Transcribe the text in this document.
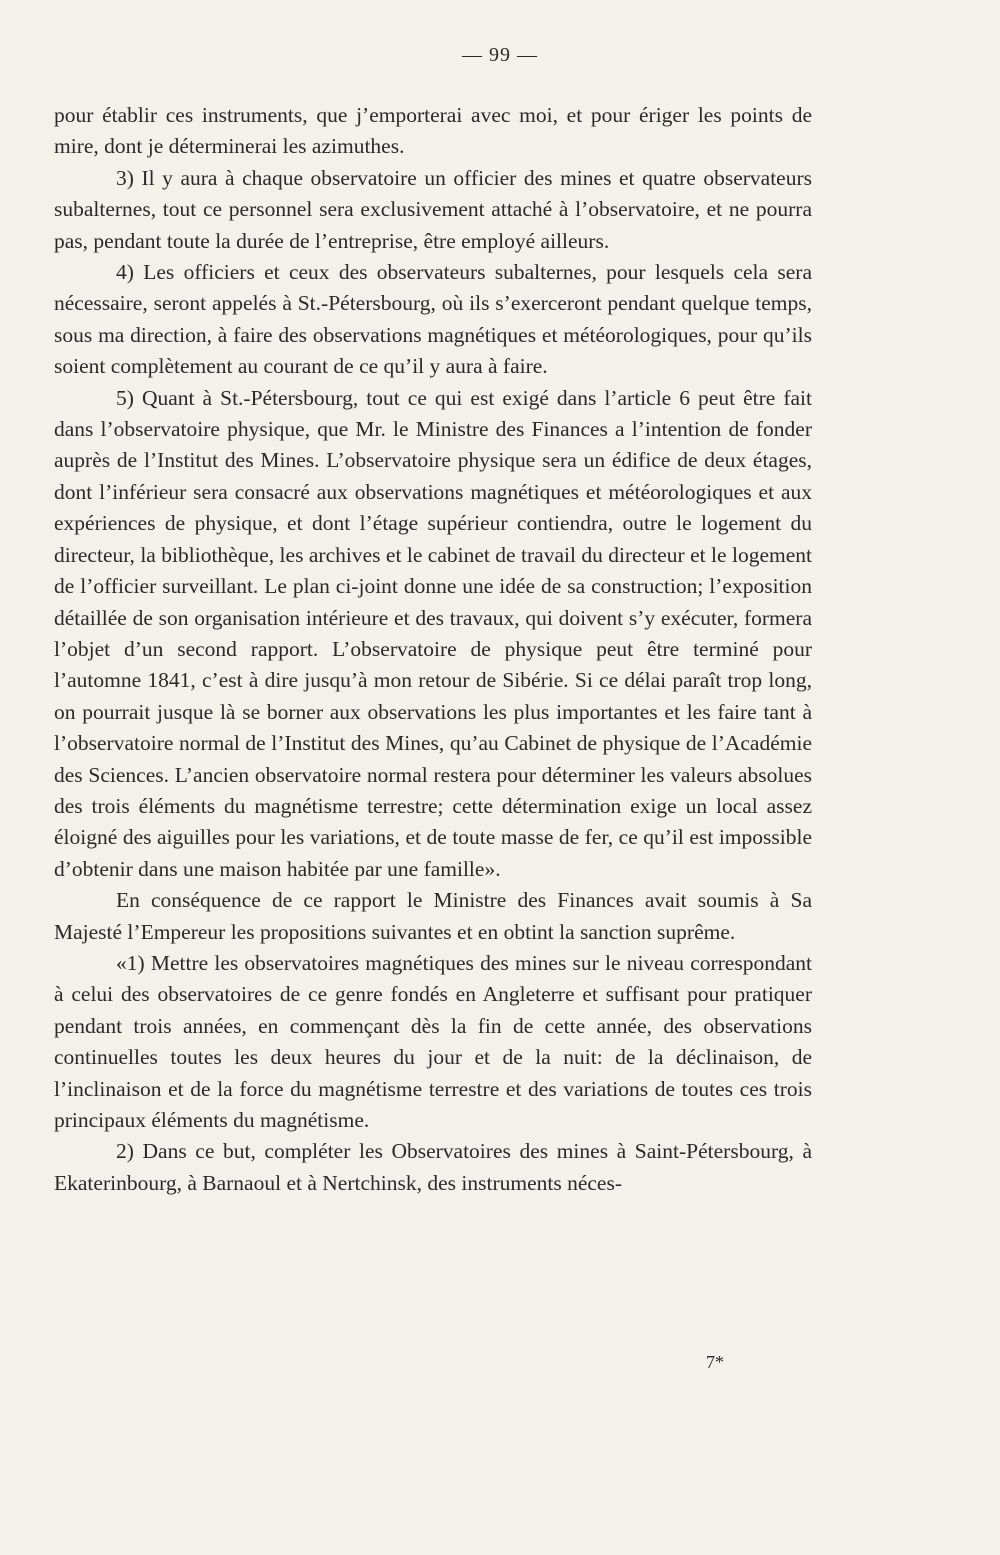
— 99 —

pour établir ces instruments, que j’emporterai avec moi, et pour ériger les points de mire, dont je déterminerai les azimuthes.

3) Il y aura à chaque observatoire un officier des mines et quatre observateurs subalternes, tout ce personnel sera exclusivement attaché à l’observatoire, et ne pourra pas, pendant toute la durée de l’entreprise, être employé ailleurs.

4) Les officiers et ceux des observateurs subalternes, pour lesquels cela sera nécessaire, seront appelés à St.-Pétersbourg, où ils s’exerceront pendant quelque temps, sous ma direction, à faire des observations magnétiques et météorologiques, pour qu’ils soient complètement au courant de ce qu’il y aura à faire.

5) Quant à St.-Pétersbourg, tout ce qui est exigé dans l’article 6 peut être fait dans l’observatoire physique, que Mr. le Ministre des Finances a l’intention de fonder auprès de l’Institut des Mines. L’observatoire physique sera un édifice de deux étages, dont l’inférieur sera consacré aux observations magnétiques et météorologiques et aux expériences de physique, et dont l’étage supérieur contiendra, outre le logement du directeur, la bibliothèque, les archives et le cabinet de travail du directeur et le logement de l’officier surveillant. Le plan ci-joint donne une idée de sa construction; l’exposition détaillée de son organisation intérieure et des travaux, qui doivent s’y exécuter, formera l’objet d’un second rapport. L’observatoire de physique peut être terminé pour l’automne 1841, c’est à dire jusqu’à mon retour de Sibérie. Si ce délai paraît trop long, on pourrait jusque là se borner aux observations les plus importantes et les faire tant à l’observatoire normal de l’Institut des Mines, qu’au Cabinet de physique de l’Académie des Sciences. L’ancien observatoire normal restera pour déterminer les valeurs absolues des trois éléments du magnétisme terrestre; cette détermination exige un local assez éloigné des aiguilles pour les variations, et de toute masse de fer, ce qu’il est impossible d’obtenir dans une maison habitée par une famille».

En conséquence de ce rapport le Ministre des Finances avait soumis à Sa Majesté l’Empereur les propositions suivantes et en obtint la sanction suprême.

«1) Mettre les observatoires magnétiques des mines sur le niveau correspondant à celui des observatoires de ce genre fondés en Angleterre et suffisant pour pratiquer pendant trois années, en commençant dès la fin de cette année, des observations continuelles toutes les deux heures du jour et de la nuit: de la déclinaison, de l’inclinaison et de la force du magnétisme terrestre et des variations de toutes ces trois principaux éléments du magnétisme.

2) Dans ce but, compléter les Observatoires des mines à Saint-Pétersbourg, à Ekaterinbourg, à Barnaoul et à Nertchinsk, des instruments néces-

7*
